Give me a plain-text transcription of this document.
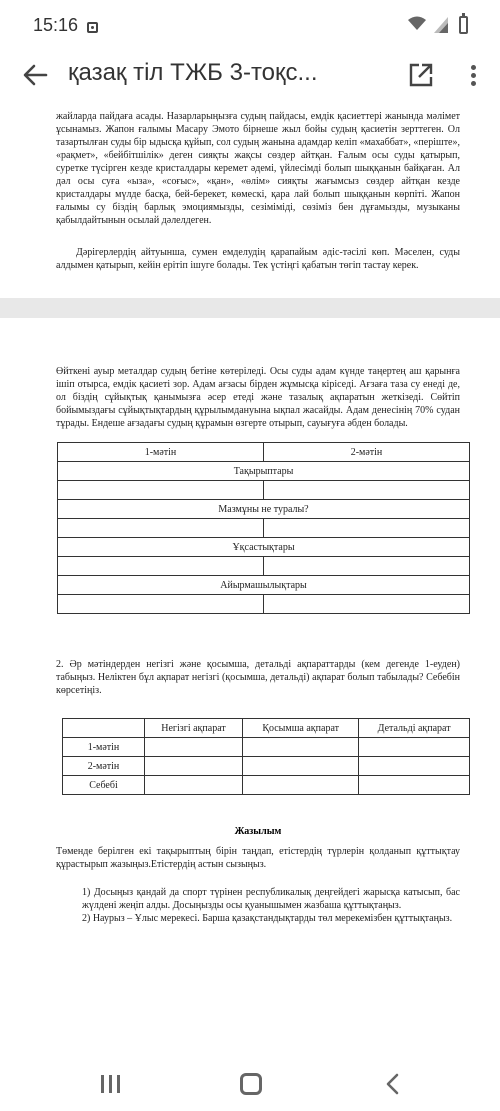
15:16
қазақ тіл ТЖБ 3-тоқс...
жайларда пайдаға асады. Назарларыңызға судың пайдасы, емдік қасиеттері жанында мәлімет ұсынамыз. Жапон ғалымы Масару Эмото бірнеше жыл бойы судың қасиетін зерттеген. Ол тазартылған суды бір ыдысқа құйып, сол судың жанына адамдар келіп «махаббат», «періште», «рақмет», «бейбітшілік» деген сияқты жақсы сөздер айтқан. Ғалым осы суды қатырып, суретке түсірген кезде кристалдары керемет әдемі, үйлесімді болып шыққанын байқаған. Ал дәл осы суға «ыза», «соғыс», «қан», «өлім» сияқты жағымсыз сөздер айтқан кезде кристалдары мүлде басқа, бей-берекет, көмескі, қара лай болып шыққанын көрпіті. Жапон ғалымы су біздің барлық эмоциямызды, сезіміміді, сөзіміз бен дұғамызды, музыканы қабылдайтынын осылай дәлелдеген.
Дәрігерлердің айтуынша, сумен емделудің қарапайым әдіс-тәсілі көп. Мәселен, суды алдымен қатырып, кейін ерітіп ішуге болады. Тек үстіңгі қабатын төгіп тастау керек.
Өйткені ауыр металдар судың бетіне көтеріледі. Осы суды адам күнде таңертең аш қарынға ішіп отырса, емдік қасиеті зор. Адам ағзасы бірден жұмысқа кіріседі. Ағзаға таза су енеді де, ол біздің сұйықтық қанымызға әсер етеді және тазалық ақпаратын жеткізеді. Сөйтіп бойымыздағы сұйықтықтардың құрылымдануына ықпал жасайды. Адам денесінің 70% судан тұрады. Ендеше ағзадағы судың құрамын өзгерте отырып, сауығуға әбден болады.
1-мәтін	2-мәтін
Тақырыптары	

Мазмұны не туралы?	

Ұқсастықтары	

Айырмашылықтары	

2. Әр мәтіндерден негізгі және қосымша, детальді ақпараттарды (кем дегенде 1-еуден) табыңыз. Неліктен бұл ақпарат негізгі (қосымша, детальді) ақпарат болып табылады? Себебін көрсетіңіз.
	Негізгі ақпарат	Қосымша ақпарат	Детальді ақпарат
1-мәтін			
2-мәтін			
Себебі			
Жазылым
Төменде берілген екі тақырыптың бірін таңдап, етістердің түрлерін қолданып құттықтау құрастырып жазыңыз.Етістердің астын сызыңыз.
1) Досыңыз қандай да спорт түрінен республикалық деңгейдегі жарысқа катысып, бас жүлдені жеңіп алды. Досыңызды осы қуанышымен жазбаша құттықтаңыз.
2) Наурыз – Ұлыс мерекесі. Барша қазақстандықтарды төл мерекемізбен құттықтаңыз.
